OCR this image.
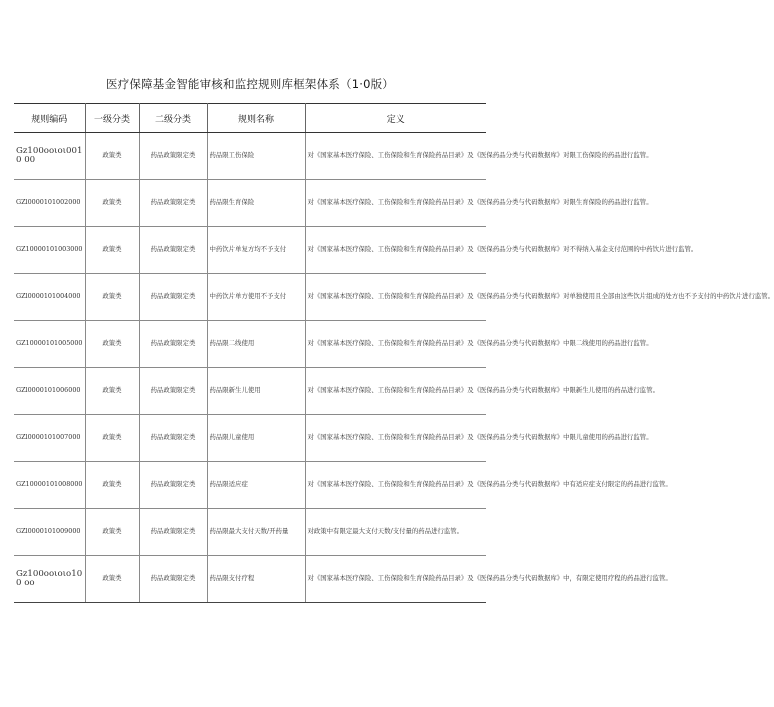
医疗保障基金智能审核和监控规则库框架体系（1·0版）
规则编码	一级分类	二级分类	规则名称	定义
Gz100ooιoι0010 00	政策类	药品政策限定类	药品限工伤保险	对《国家基本医疗保险、工伤保险和生育保险药品目录》及《医保药品分类与代码数据库》对限工伤保险的药品进行监管。
GZl0000101002000	政策类	药品政策限定类	药品限生育保险	对《国家基本医疗保险、工伤保险和生育保险药品目录》及《医保药品分类与代码数据库》对限生育保险的药品进行监管。
GZ10000101003000	政策类	药品政策限定类	中药饮片单复方均不予支付	对《国家基本医疗保险、工伤保险和生育保险药品目录》及《医保药品分类与代码数据库》对不得纳入基金支付范围的中药饮片进行监管。
GZl0000101004000	政策类	药品政策限定类	中药饮片单方使用不予支付	对《国家基本医疗保险、工伤保险和生育保险药品目录》及《医保药品分类与代码数据库》对单独使用且全部由这些饮片组成的处方也不予支付的中药饮片进行监管。
GZ10000101005000	政策类	药品政策限定类	药品限二线使用	对《国家基本医疗保险、工伤保险和生育保险药品目录》及《医保药品分类与代码数据库》中限二线使用的药品进行监管。
GZl0000101006000	政策类	药品政策限定类	药品限新生儿使用	对《国家基本医疗保险、工伤保险和生育保险药品目录》及《医保药品分类与代码数据库》中限新生儿使用的药品进行监管。
GZl0000101007000	政策类	药品政策限定类	药品限儿童使用	对《国家基本医疗保险、工伤保险和生育保险药品目录》及《医保药品分类与代码数据库》中限儿童使用的药品进行监管。
GZ10000101008000	政策类	药品政策限定类	药品限适应症	对《国家基本医疗保险、工伤保险和生育保险药品目录》及《医保药品分类与代码数据库》中有适应症支付限定的药品进行监管。
GZl0000101009000	政策类	药品政策限定类	药品限最大支付天数/开药量	对政策中有限定最大支付天数/支付量的药品进行监管。
Gz100ooιoιo100 oo	政策类	药品政策限定类	药品限支付疗程	对《国家基本医疗保险、工伤保险和生育保险药品目录》及《医保药品分类与代码数据库》中，有限定使用疗程的药品进行监管。
